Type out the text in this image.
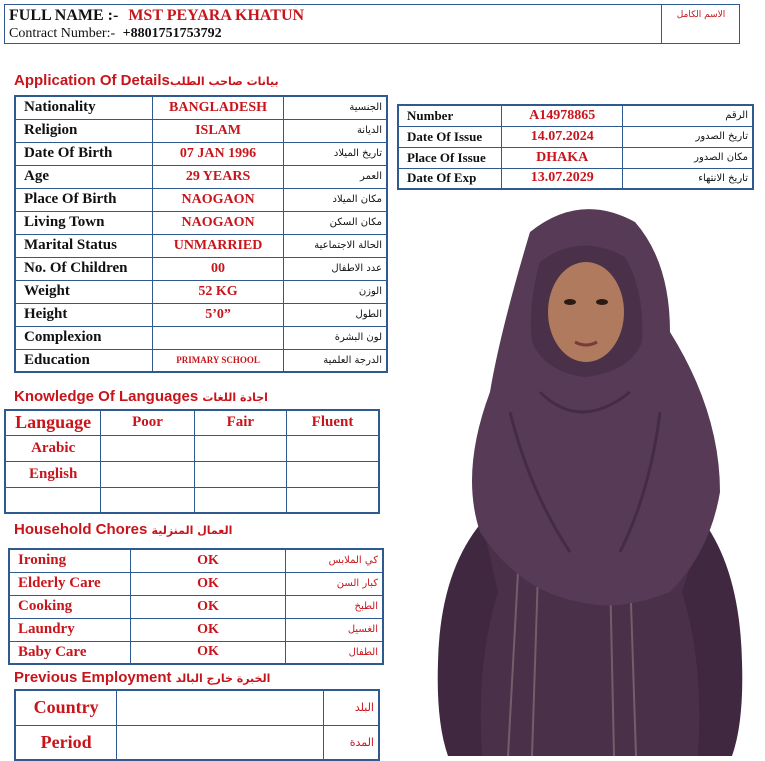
FULL NAME :- MST PEYARA KHATUN
Contract Number:- +8801751753792
الاسم الكامل
Application Of Detailsبيانات صاحب الطلب
Nationality	BANGLADESH	الجنسية
Religion	ISLAM	الديانة
Date Of Birth	07 JAN 1996	تاريخ الميلاد
Age	29 YEARS	العمر
Place Of Birth	NAOGAON	مكان الميلاد
Living Town	NAOGAON	مكان السكن
Marital Status	UNMARRIED	الحالة الاجتماعية
No. Of Children	00	عدد الاطفال
Weight	52 KG	الوزن
Height	5’0”	الطول
Complexion		لون البشرة
Education	PRIMARY SCHOOL	الدرجة العلمية
Number	A14978865	الرقم
Date Of Issue	14.07.2024	تاريخ الصدور
Place Of Issue	DHAKA	مكان الصدور
Date Of Exp	13.07.2029	تاريخ الانتهاء
Knowledge Of Languages اجادة اللغات
Language	Poor	Fair	Fluent
Arabic			
English			

Household Chores العمال المنزلية
Ironing	OK	كي الملابس
Elderly Care	OK	كبار السن
Cooking	OK	الطبخ
Laundry	OK	الغسيل
Baby Care	OK	الطفال
Previous Employment الخبرة خارج البالد
Country		البلد
Period		المدة
